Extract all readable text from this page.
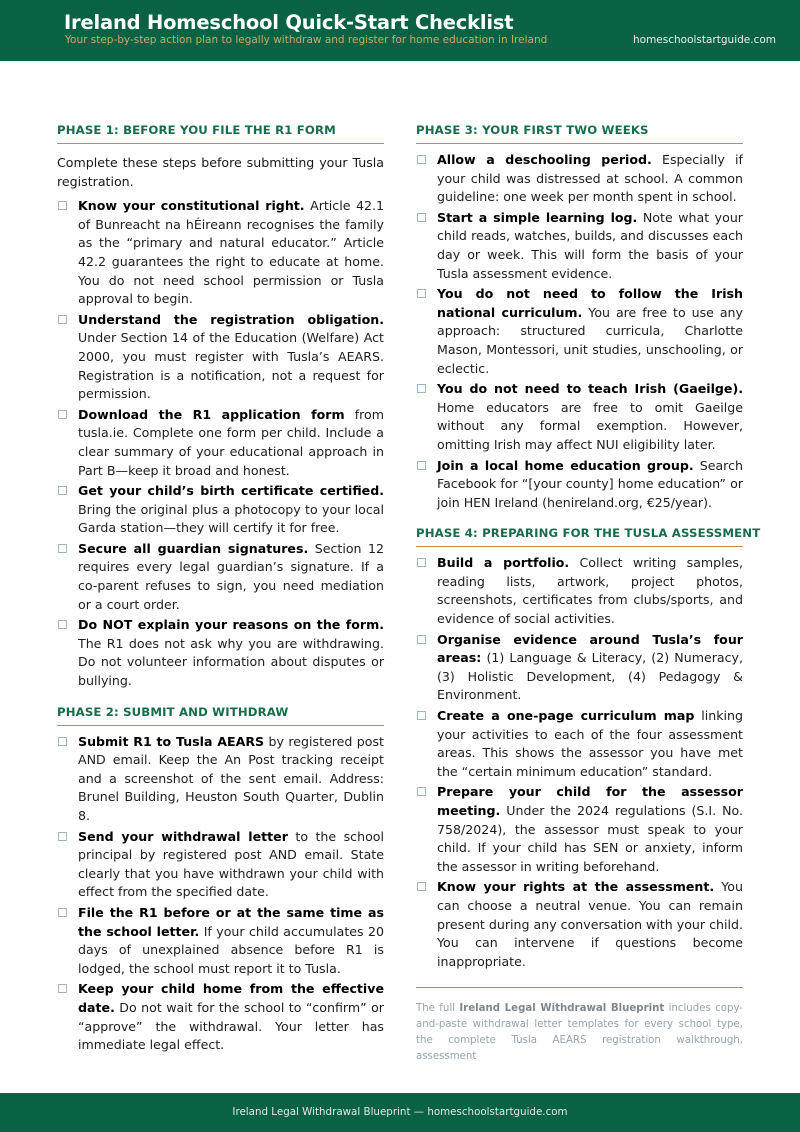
Ireland Homeschool Quick-Start Checklist
Your step-by-step action plan to legally withdraw and register for home education in Ireland	homeschoolstartguide.com
PHASE 1: BEFORE YOU FILE THE R1 FORM

Complete these steps before submitting your Tusla registration.

Know your constitutional right. Article 42.1 of Bunreacht na hÉireann recognises the family as the “primary and natural educator.” Article 42.2 guarantees the right to educate at home. You do not need school permission or Tusla approval to begin.
Understand the registration obligation. Under Section 14 of the Education (Welfare) Act 2000, you must register with Tusla’s AEARS. Registration is a notification, not a request for permission.
Download the R1 application form from tusla.ie. Complete one form per child. Include a clear summary of your educational approach in Part B—keep it broad and honest.
Get your child’s birth certificate certified. Bring the original plus a photocopy to your local Garda station—they will certify it for free.
Secure all guardian signatures. Section 12 requires every legal guardian’s signature. If a co-parent refuses to sign, you need mediation or a court order.
Do NOT explain your reasons on the form. The R1 does not ask why you are withdrawing. Do not volunteer information about disputes or bullying.
PHASE 2: SUBMIT AND WITHDRAW
Submit R1 to Tusla AEARS by registered post AND email. Keep the An Post tracking receipt and a screenshot of the sent email. Address: Brunel Building, Heuston South Quarter, Dublin 8.
Send your withdrawal letter to the school principal by registered post AND email. State clearly that you have withdrawn your child with effect from the specified date.
File the R1 before or at the same time as the school letter. If your child accumulates 20 days of unexplained absence before R1 is lodged, the school must report it to Tusla.
Keep your child home from the effective date. Do not wait for the school to “confirm” or “approve” the withdrawal. Your letter has immediate legal effect.
PHASE 3: YOUR FIRST TWO WEEKS
Allow a deschooling period. Especially if your child was distressed at school. A common guideline: one week per month spent in school.
Start a simple learning log. Note what your child reads, watches, builds, and discusses each day or week. This will form the basis of your Tusla assessment evidence.
You do not need to follow the Irish national curriculum. You are free to use any approach: structured curricula, Charlotte Mason, Montessori, unit studies, unschooling, or eclectic.
You do not need to teach Irish (Gaeilge). Home educators are free to omit Gaeilge without any formal exemption. However, omitting Irish may affect NUI eligibility later.
Join a local home education group. Search Facebook for “[your county] home education” or join HEN Ireland (henireland.org, €25/year).
PHASE 4: PREPARING FOR THE TUSLA ASSESSMENT
Build a portfolio. Collect writing samples, reading lists, artwork, project photos, screenshots, certificates from clubs/sports, and evidence of social activities.
Organise evidence around Tusla’s four areas: (1) Language & Literacy, (2) Numeracy, (3) Holistic Development, (4) Pedagogy & Environment.
Create a one-page curriculum map linking your activities to each of the four assessment areas. This shows the assessor you have met the “certain minimum education” standard.
Prepare your child for the assessor meeting. Under the 2024 regulations (S.I. No. 758/2024), the assessor must speak to your child. If your child has SEN or anxiety, inform the assessor in writing beforehand.
Know your rights at the assessment. You can choose a neutral venue. You can remain present during any conversation with your child. You can intervene if questions become inappropriate.

The full Ireland Legal Withdrawal Blueprint includes copy-and-paste withdrawal letter templates for every school type, the complete Tusla AEARS registration walkthrough, assessment

Ireland Legal Withdrawal Blueprint — homeschoolstartguide.com
